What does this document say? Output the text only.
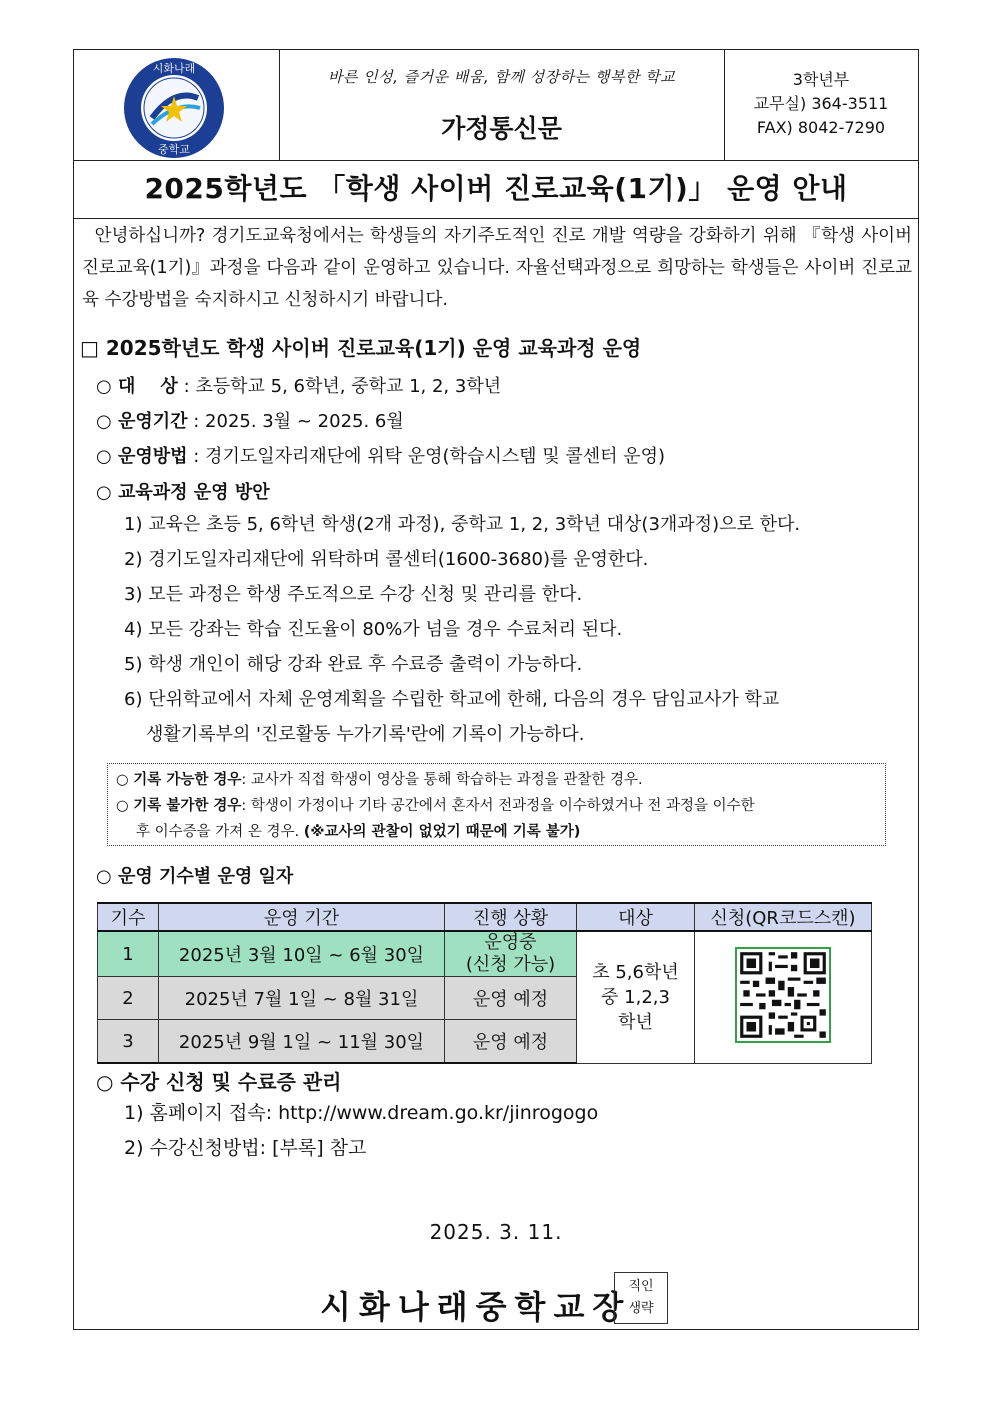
시화나래
중학교
바른 인성, 즐거운 배움, 함께 성장하는 행복한 학교
가정통신문
3학년부
교무실) 364-3511
FAX) 8042-7290
2025학년도 「학생 사이버 진로교육(1기)」 운영 안내
안녕하십니까? 경기도교육청에서는 학생들의 자기주도적인 진로 개발 역량을 강화하기 위해 『학생 사이버 진로교육(1기)』과정을 다음과 같이 운영하고 있습니다. 자율선택과정으로 희망하는 학생들은 사이버 진로교육 수강방법을 숙지하시고 신청하시기 바랍니다.
□ 2025학년도 학생 사이버 진로교육(1기) 운영 교육과정 운영
○ 대    상 : 초등학교 5, 6학년, 중학교 1, 2, 3학년
○ 운영기간 : 2025. 3월 ~ 2025. 6월
○ 운영방법 : 경기도일자리재단에 위탁 운영(학습시스템 및 콜센터 운영)
○ 교육과정 운영 방안
1) 교육은 초등 5, 6학년 학생(2개 과정), 중학교 1, 2, 3학년 대상(3개과정)으로 한다.
2) 경기도일자리재단에 위탁하며 콜센터(1600-3680)를 운영한다.
3) 모든 과정은 학생 주도적으로 수강 신청 및 관리를 한다.
4) 모든 강좌는 학습 진도율이 80%가 넘을 경우 수료처리 된다.
5) 학생 개인이 해당 강좌 완료 후 수료증 출력이 가능하다.
6) 단위학교에서 자체 운영계획을 수립한 학교에 한해, 다음의 경우 담임교사가 학교
생활기록부의 '진로활동 누가기록'란에 기록이 가능하다.
○ 기록 가능한 경우: 교사가 직접 학생이 영상을 통해 학습하는 과정을 관찰한 경우.
○ 기록 불가한 경우: 학생이 가정이나 기타 공간에서 혼자서 전과정을 이수하였거나 전 과정을 이수한
후 이수증을 가져 온 경우. (※교사의 관찰이 없었기 때문에 기록 불가)
○ 운영 기수별 운영 일자
기수	운영 기간	진행 상황	대상	신청(QR코드스캔)
1	2025년 3월 10일 ~ 6월 30일	운영중
(신청 가능)	초 5,6학년
중 1,2,3
학년	
2	2025년 7월 1일 ~ 8월 31일	운영 예정		
3	2025년 9월 1일 ~ 11월 30일	운영 예정		
○ 수강 신청 및 수료증 관리
1) 홈페이지 접속: http://www.dream.go.kr/jinrogogo
2) 수강신청방법: [부록] 참고
2025. 3. 11.
시화나래중학교장
직인
생략
